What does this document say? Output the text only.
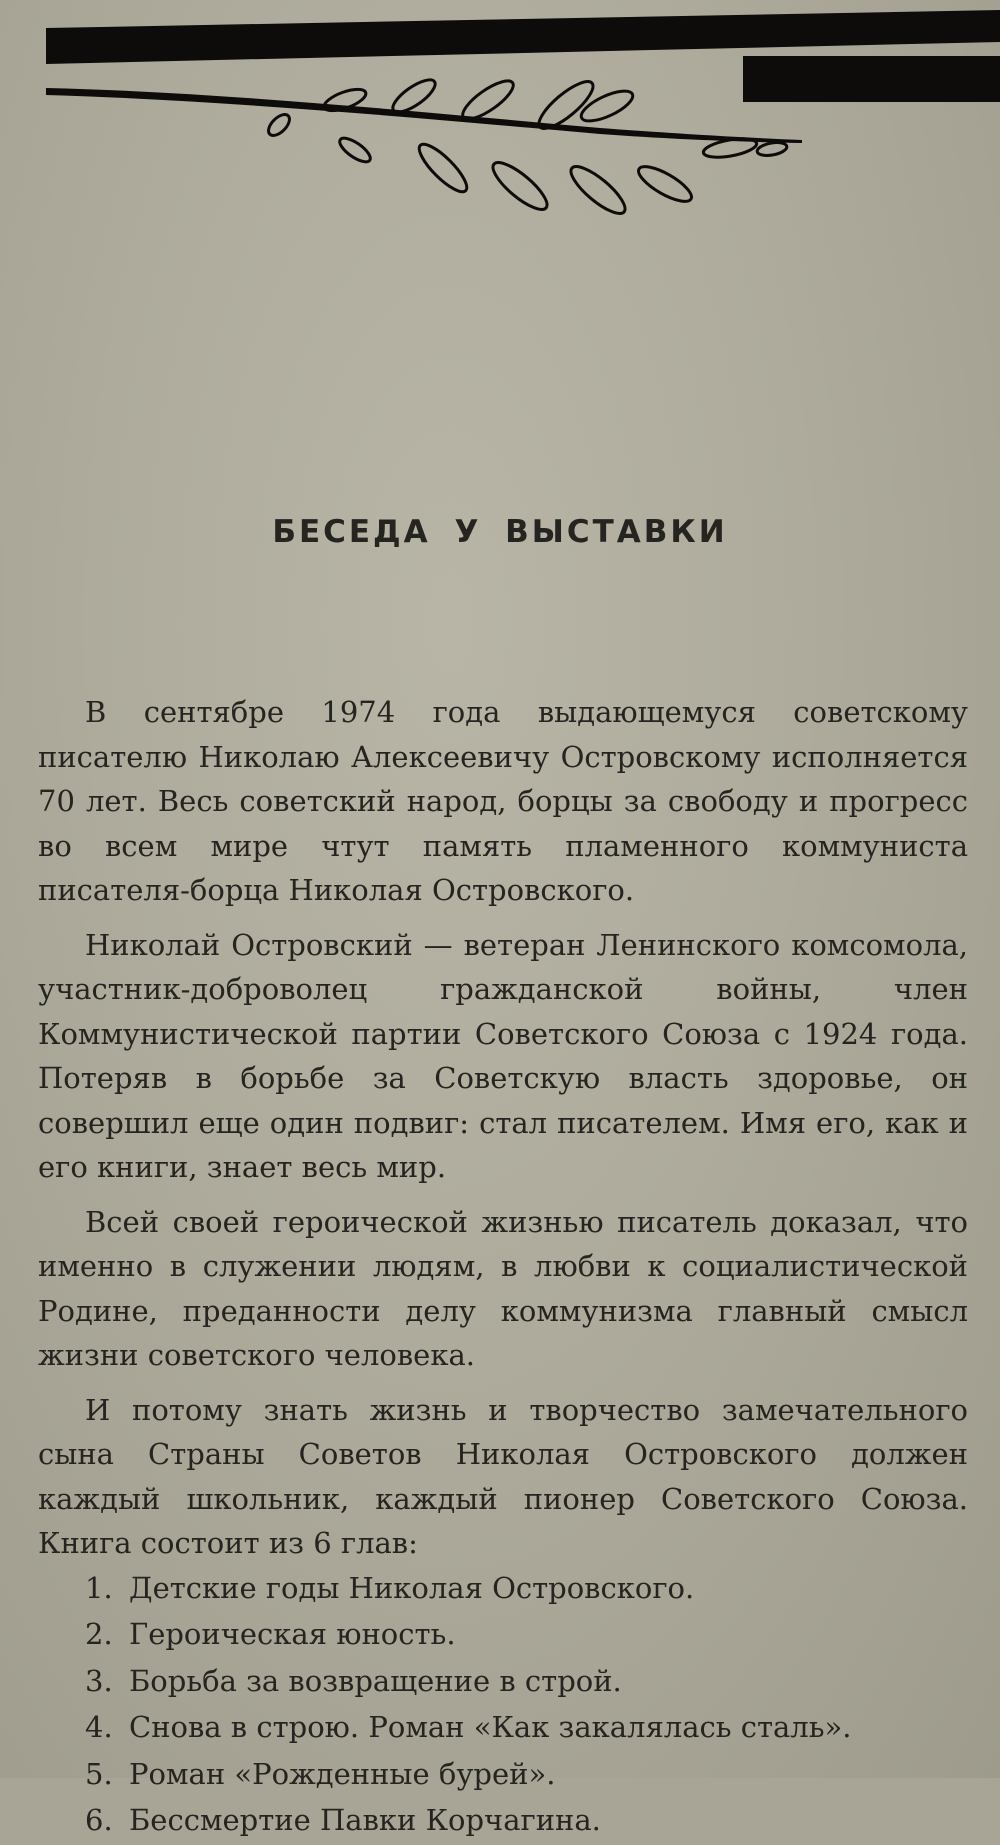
БЕСЕДА У ВЫСТАВКИ

В сентябре 1974 года выдающемуся советскому писателю Николаю Алексеевичу Островскому исполняется 70 лет. Весь советский народ, борцы за свободу и прогресс во всем мире чтут память пламенного коммуниста писателя-борца Николая Островского.

Николай Островский — ветеран Ленинского комсомола, участник-доброволец гражданской войны, член Коммунистической партии Советского Союза с 1924 года. Потеряв в борьбе за Советскую власть здоровье, он совершил еще один подвиг: стал писателем. Имя его, как и его книги, знает весь мир.

Всей своей героической жизнью писатель доказал, что именно в служении людям, в любви к социалистической Родине, преданности делу коммунизма главный смысл жизни советского человека.

И потому знать жизнь и творчество замечательного сына Страны Советов Николая Островского должен каждый школьник, каждый пионер Советского Союза. Книга состоит из 6 глав:

1. Детские годы Николая Островского.
2. Героическая юность.
3. Борьба за возвращение в строй.
4. Снова в строю. Роман «Как закалялась сталь».
5. Роман «Рожденные бурей».
6. Бессмертие Павки Корчагина.
